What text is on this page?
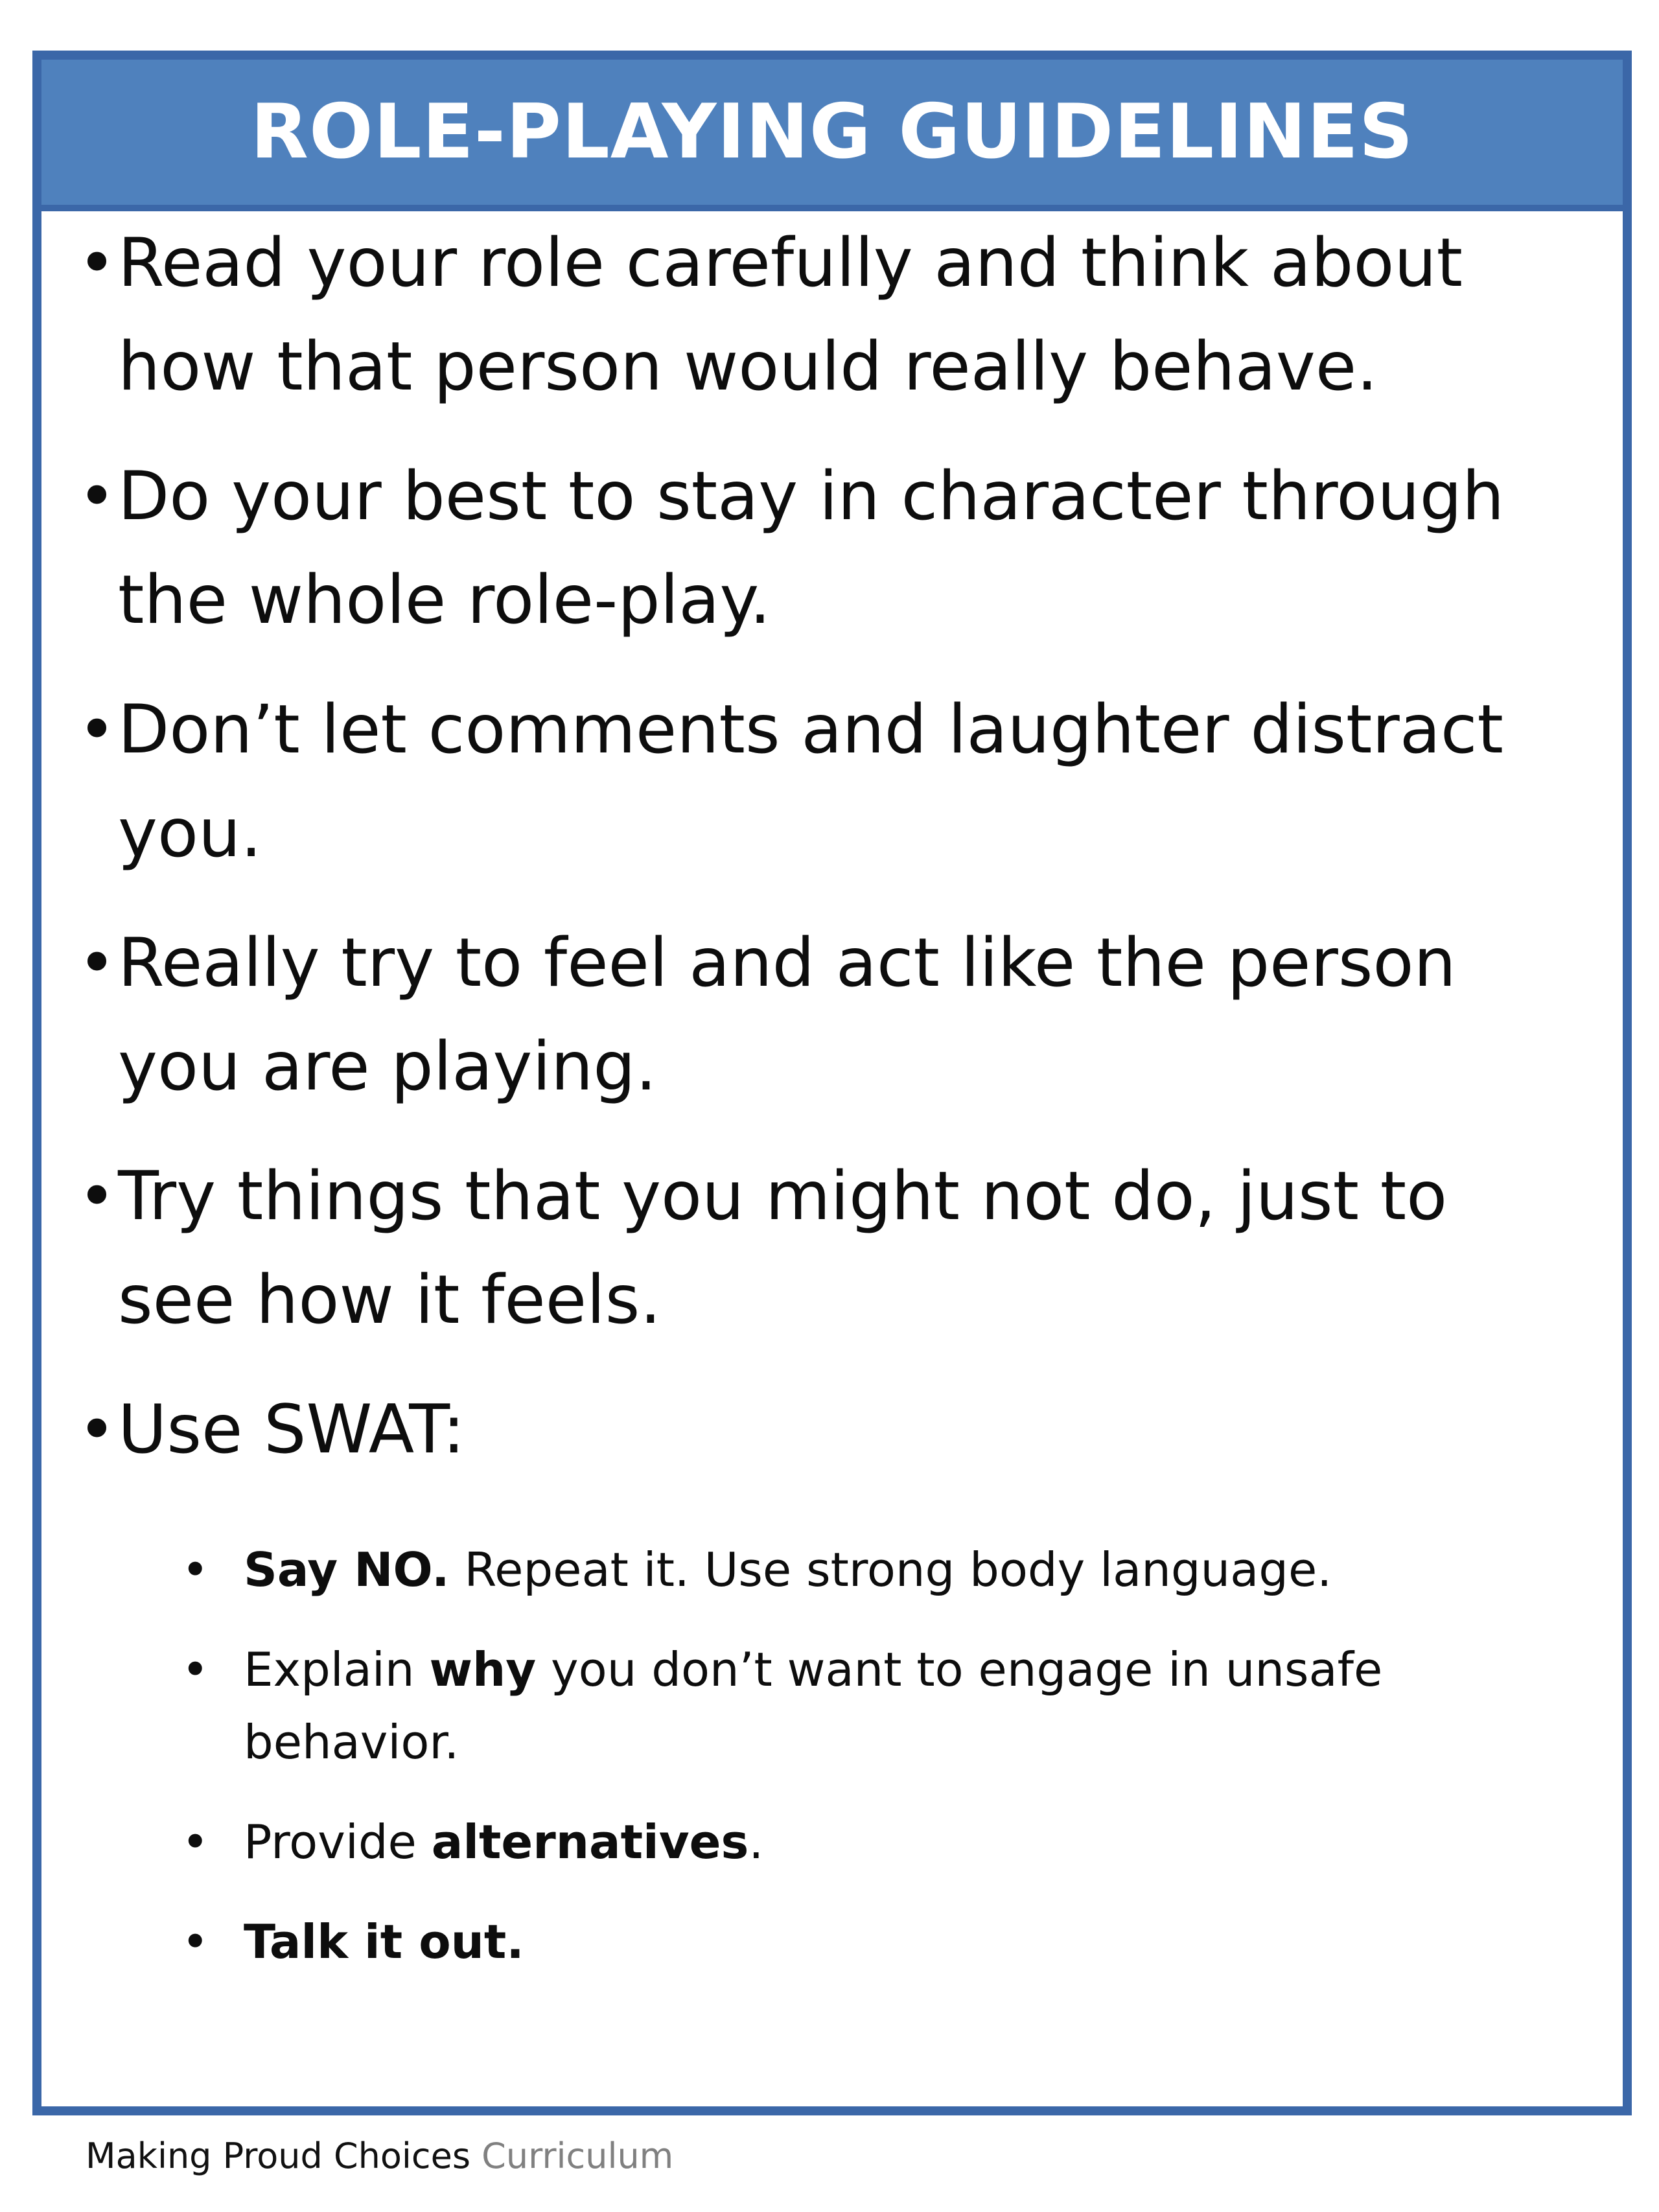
ROLE-PLAYING GUIDELINES
• Read your role carefully and think about
how that person would really behave.
• Do your best to stay in character through
the whole role-play.
• Don’t let comments and laughter distract
you.
• Really try to feel and act like the person
you are playing.
• Try things that you might not do, just to
see how it feels.
• Use SWAT:
• Say NO. Repeat it. Use strong body language.
• Explain why you don’t want to engage in unsafe
behavior.
• Provide alternatives.
• Talk it out.
Making Proud Choices Curriculum
